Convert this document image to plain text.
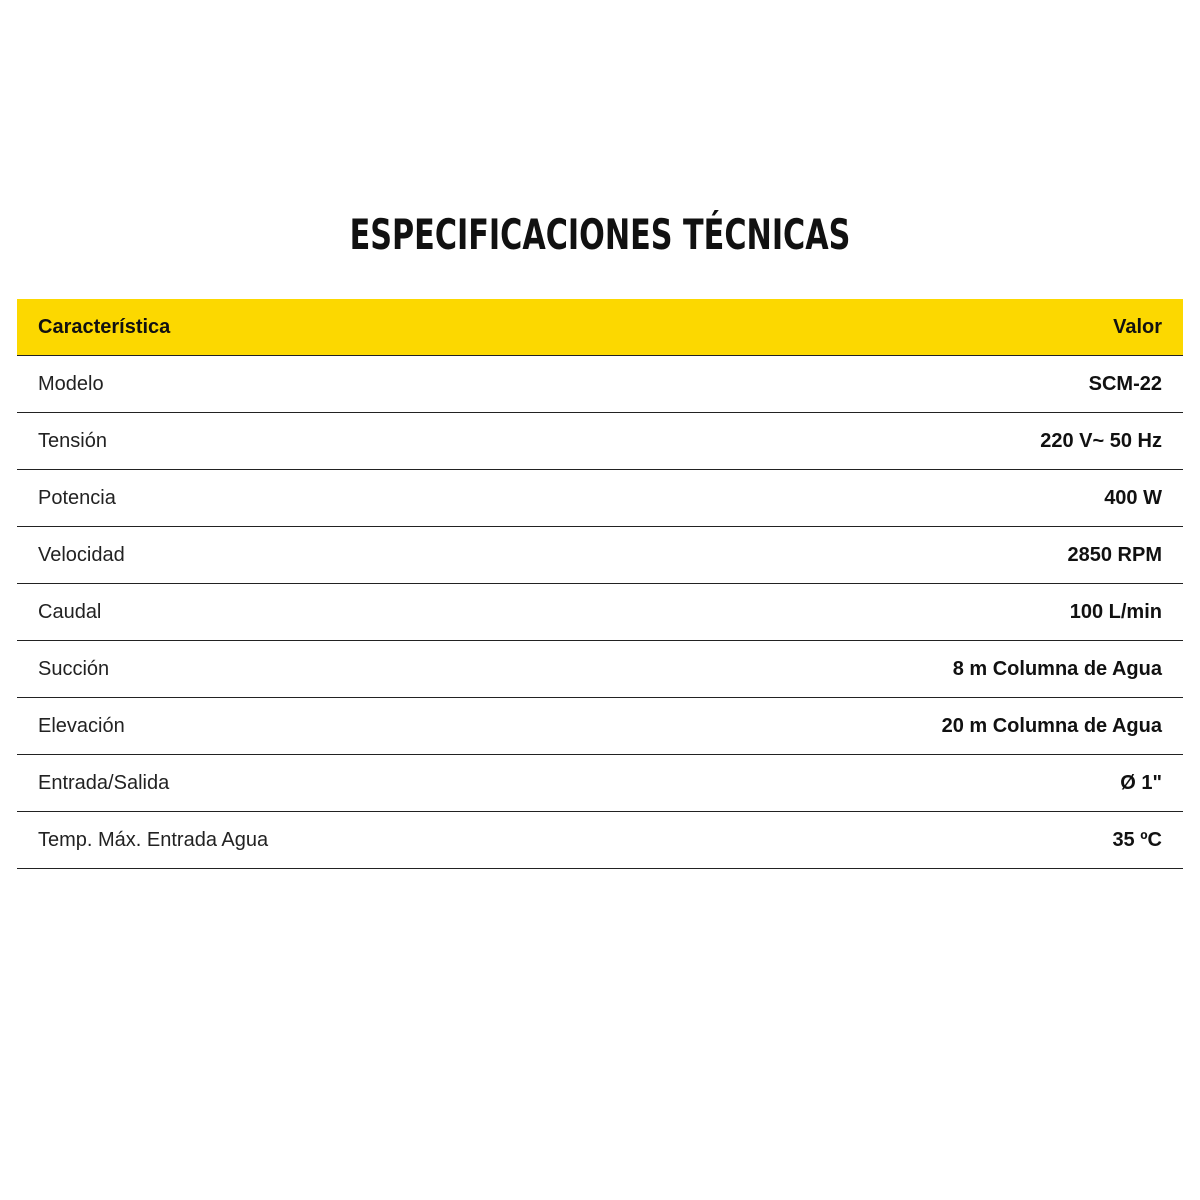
ESPECIFICACIONES TÉCNICAS
Característica	Valor
Modelo	SCM-22
Tensión	220 V~ 50 Hz
Potencia	400 W
Velocidad	2850 RPM
Caudal	100 L/min
Succión	8 m Columna de Agua
Elevación	20 m Columna de Agua
Entrada/Salida	Ø 1"
Temp. Máx. Entrada Agua	35 ºC
